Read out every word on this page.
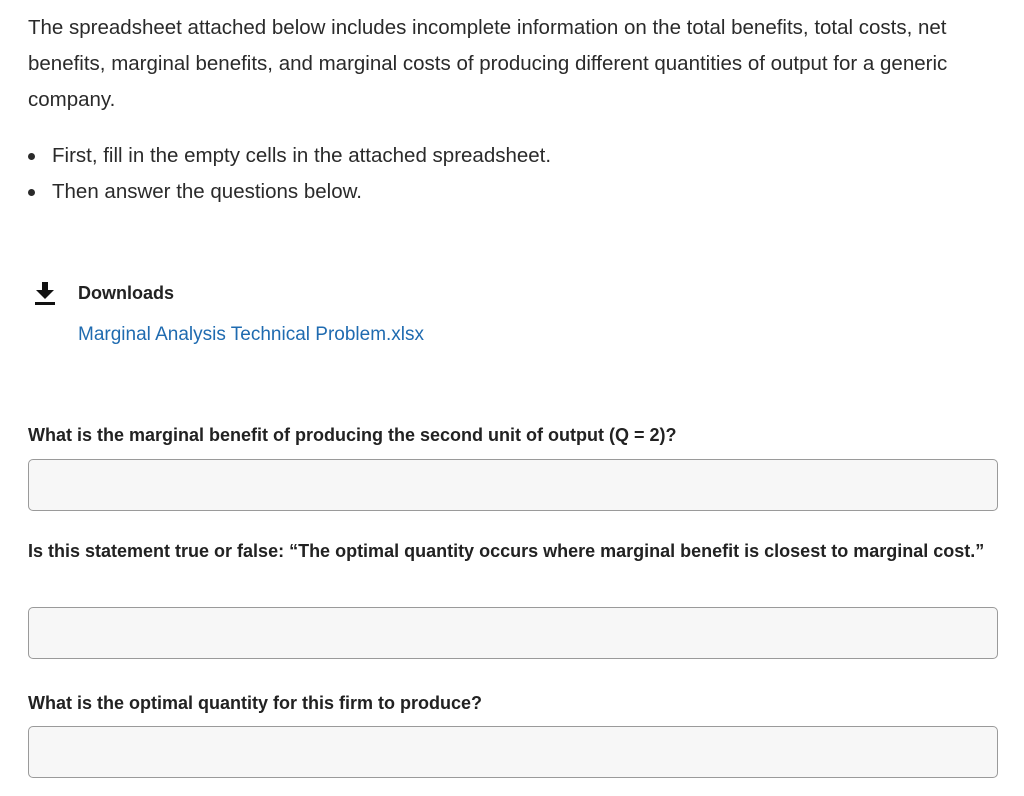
The spreadsheet attached below includes incomplete information on the total benefits, total costs, net benefits, marginal benefits, and marginal costs of producing different quantities of output for a generic company.

First, fill in the empty cells in the attached spreadsheet.
Then answer the questions below.
Downloads
Marginal Analysis Technical Problem.xlsx

What is the marginal benefit of producing the second unit of output (Q = 2)?

Is this statement true or false: “The optimal quantity occurs where marginal benefit is closest to marginal cost.”

What is the optimal quantity for this firm to produce?
